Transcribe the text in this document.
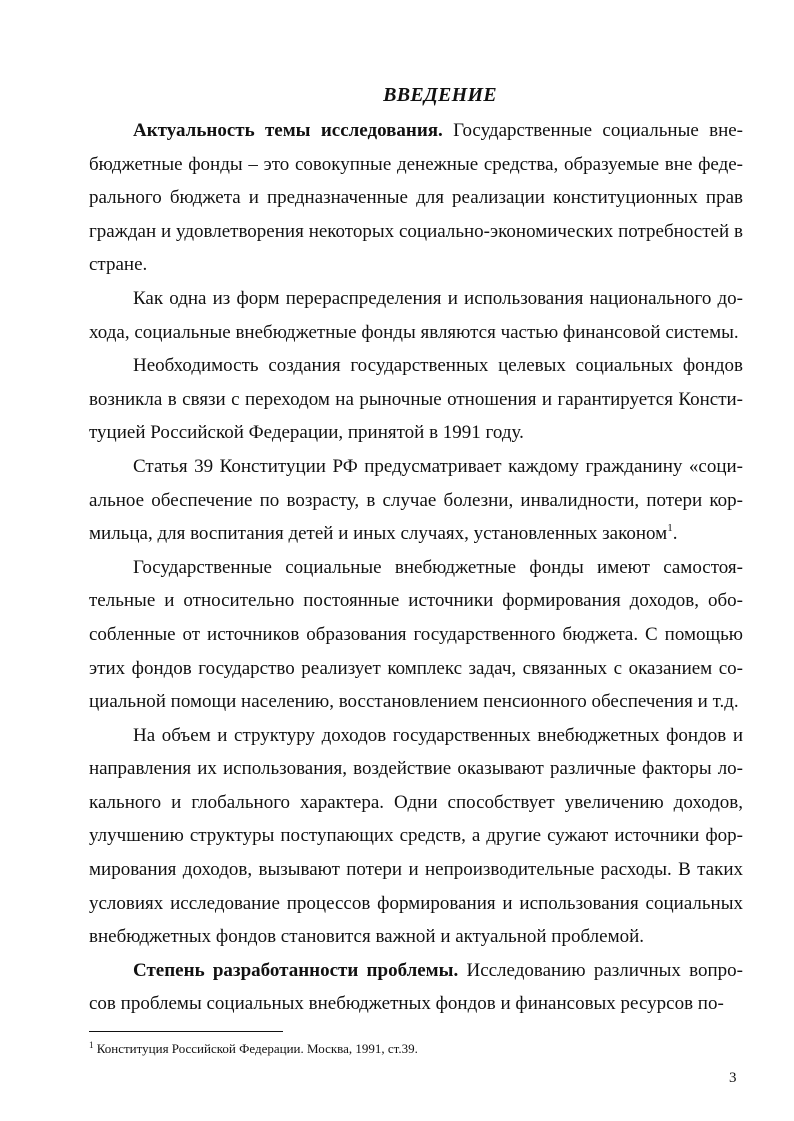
ВВЕДЕНИЕ

Актуальность темы исследования. Государственные социальные вне- бюджетные фонды – это совокупные денежные средства, образуемые вне феде- рального бюджета и предназначенные для реализации конституционных прав граждан и удовлетворения некоторых социально-экономических потребностей в стране.

Как одна из форм перераспределения и использования национального до- хода, социальные внебюджетные фонды являются частью финансовой системы.

Необходимость создания государственных целевых социальных фондов возникла в связи с переходом на рыночные отношения и гарантируется Консти- туцией Российской Федерации, принятой в 1991 году.

Статья 39 Конституции РФ предусматривает каждому гражданину «соци- альное обеспечение по возрасту, в случае болезни, инвалидности, потери кор- мильца, для воспитания детей и иных случаях, установленных законом$^1$.

Государственные социальные внебюджетные фонды имеют самостоя- тельные и относительно постоянные источники формирования доходов, обо- собленные от источников образования государственного бюджета. С помощью этих фондов государство реализует комплекс задач, связанных с оказанием со- циальной помощи населению, восстановлением пенсионного обеспечения и т.д.

На объем и структуру доходов государственных внебюджетных фондов и направления их использования, воздействие оказывают различные факторы ло- кального и глобального характера. Одни способствует увеличению доходов, улучшению структуры поступающих средств, а другие сужают источники фор- мирования доходов, вызывают потери и непроизводительные расходы. В таких условиях исследование процессов формирования и использования социальных внебюджетных фондов становится важной и актуальной проблемой.

Степень разработанности проблемы. Исследованию различных вопро- сов проблемы социальных внебюджетных фондов и финансовых ресурсов по-

$^1$ Конституция Российской Федерации. Москва, 1991, ст.39.
3
